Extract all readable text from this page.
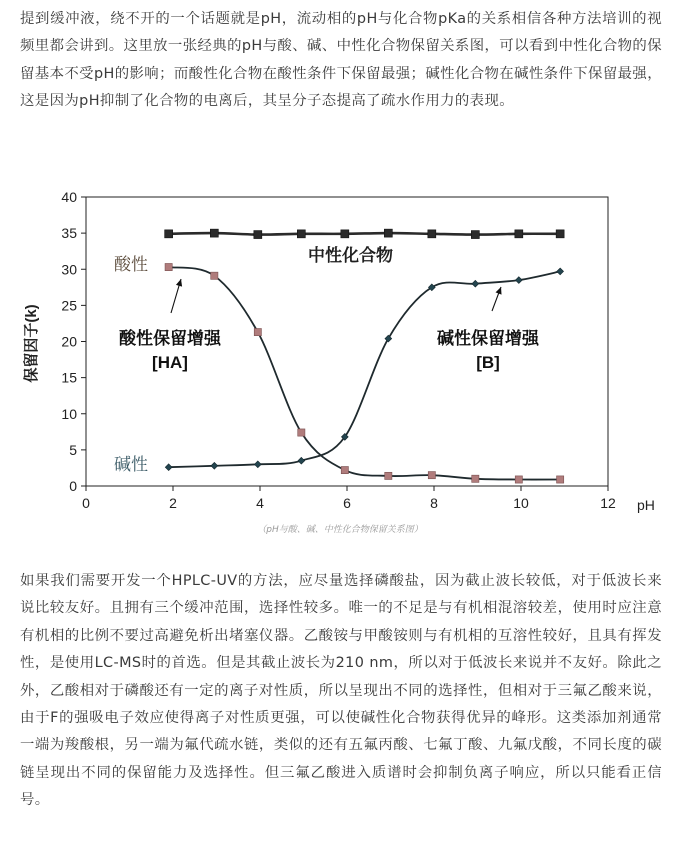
提到缓冲液，绕不开的一个话题就是pH，流动相的pH与化合物pKa的关系相信各种方法培训的视频里都会讲到。这里放一张经典的pH与酸、碱、中性化合物保留关系图，可以看到中性化合物的保留基本不受pH的影响；而酸性化合物在酸性条件下保留最强；碱性化合物在碱性条件下保留最强，这是因为pH抑制了化合物的电离后，其呈分子态提高了疏水作用力的表现。

0
5
10
15
20
25
30
35
40
0	2	4	6	8	10	12 pH
保留因子(k)
酸性
碱性
中性化合物
酸性保留增强
[HA]
碱性保留增强
[B]
（pH与酸、碱、中性化合物保留关系图）

如果我们需要开发一个HPLC-UV的方法，应尽量选择磷酸盐，因为截止波长较低，对于低波长来说比较友好。且拥有三个缓冲范围，选择性较多。唯一的不足是与有机相混溶较差，使用时应注意有机相的比例不要过高避免析出堵塞仪器。乙酸铵与甲酸铵则与有机相的互溶性较好，且具有挥发性，是使用LC-MS时的首选。但是其截止波长为210 nm，所以对于低波长来说并不友好。除此之外，乙酸相对于磷酸还有一定的离子对性质，所以呈现出不同的选择性，但相对于三氟乙酸来说，由于F的强吸电子效应使得离子对性质更强，可以使碱性化合物获得优异的峰形。这类添加剂通常一端为羧酸根，另一端为氟代疏水链，类似的还有五氟丙酸、七氟丁酸、九氟戊酸，不同长度的碳链呈现出不同的保留能力及选择性。但三氟乙酸进入质谱时会抑制负离子响应，所以只能看正信号。
